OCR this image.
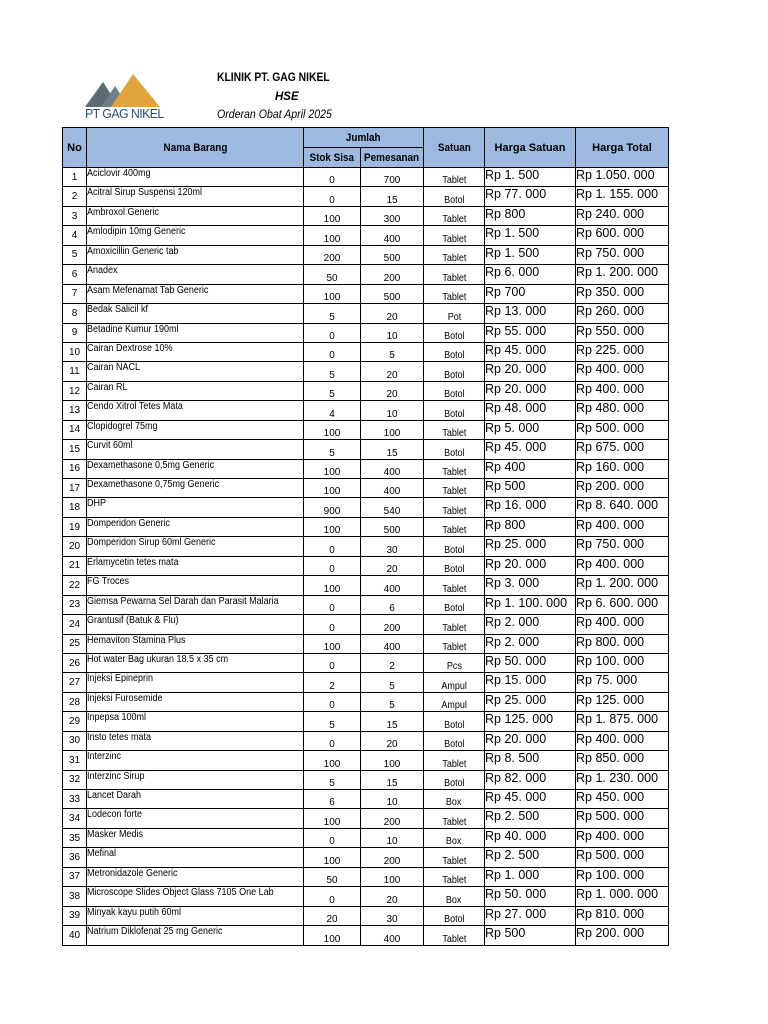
PT GAG NIKEL
KLINIK PT. GAG NIKEL
HSE
Orderan Obat April 2025
No	Nama Barang	Jumlah		Satuan	Harga Satuan	Harga Total
		Stok Sisa	Pemesanan			
1	Aciclovir 400mg	0	700	Tablet	Rp 1. 500	Rp 1.050. 000
2	Acitral Sirup Suspensi 120ml	0	15	Botol	Rp 77. 000	Rp 1. 155. 000
3	Ambroxol Generic	100	300	Tablet	Rp 800	Rp 240. 000
4	Amlodipin 10mg Generic	100	400	Tablet	Rp 1. 500	Rp 600. 000
5	Amoxicillin Generic tab	200	500	Tablet	Rp 1. 500	Rp 750. 000
6	Anadex	50	200	Tablet	Rp 6. 000	Rp 1. 200. 000
7	Asam Mefenamat Tab Generic	100	500	Tablet	Rp 700	Rp 350. 000
8	Bedak Salicil kf	5	20	Pot	Rp 13. 000	Rp 260. 000
9	Betadine Kumur 190ml	0	10	Botol	Rp 55. 000	Rp 550. 000
10	Cairan Dextrose 10%	0	5	Botol	Rp 45. 000	Rp 225. 000
11	Cairan NACL	5	20	Botol	Rp 20. 000	Rp 400. 000
12	Cairan RL	5	20	Botol	Rp 20. 000	Rp 400. 000
13	Cendo Xitrol Tetes Mata	4	10	Botol	Rp 48. 000	Rp 480. 000
14	Clopidogrel 75mg	100	100	Tablet	Rp 5. 000	Rp 500. 000
15	Curvit 60ml	5	15	Botol	Rp 45. 000	Rp 675. 000
16	Dexamethasone 0,5mg Generic	100	400	Tablet	Rp 400	Rp 160. 000
17	Dexamethasone 0,75mg Generic	100	400	Tablet	Rp 500	Rp 200. 000
18	DHP	900	540	Tablet	Rp 16. 000	Rp 8. 640. 000
19	Domperidon Generic	100	500	Tablet	Rp 800	Rp 400. 000
20	Domperidon Sirup 60ml Generic	0	30	Botol	Rp 25. 000	Rp 750. 000
21	Erlamycetin tetes mata	0	20	Botol	Rp 20. 000	Rp 400. 000
22	FG Troces	100	400	Tablet	Rp 3. 000	Rp 1. 200. 000
23	Giemsa Pewarna Sel Darah dan Parasit Malaria	0	6	Botol	Rp 1. 100. 000	Rp 6. 600. 000
24	Grantusif (Batuk & Flu)	0	200	Tablet	Rp 2. 000	Rp 400. 000
25	Hemaviton Stamina Plus	100	400	Tablet	Rp 2. 000	Rp 800. 000
26	Hot water Bag ukuran 18.5 x 35 cm	0	2	Pcs	Rp 50. 000	Rp 100. 000
27	Injeksi Epineprin	2	5	Ampul	Rp 15. 000	Rp 75. 000
28	Injeksi Furosemide	0	5	Ampul	Rp 25. 000	Rp 125. 000
29	Inpepsa 100ml	5	15	Botol	Rp 125. 000	Rp 1. 875. 000
30	Insto tetes mata	0	20	Botol	Rp 20. 000	Rp 400. 000
31	Interzinc	100	100	Tablet	Rp 8. 500	Rp 850. 000
32	Interzinc Sirup	5	15	Botol	Rp 82. 000	Rp 1. 230. 000
33	Lancet Darah	6	10	Box	Rp 45. 000	Rp 450. 000
34	Lodecon forte	100	200	Tablet	Rp 2. 500	Rp 500. 000
35	Masker Medis	0	10	Box	Rp 40. 000	Rp 400. 000
36	Mefinal	100	200	Tablet	Rp 2. 500	Rp 500. 000
37	Metronidazole Generic	50	100	Tablet	Rp 1. 000	Rp 100. 000
38	Microscope Slides Object Glass 7105 One Lab	0	20	Box	Rp 50. 000	Rp 1. 000. 000
39	Minyak kayu putih 60ml	20	30	Botol	Rp 27. 000	Rp 810. 000
40	Natrium Diklofenat 25 mg Generic	100	400	Tablet	Rp 500	Rp 200. 000
